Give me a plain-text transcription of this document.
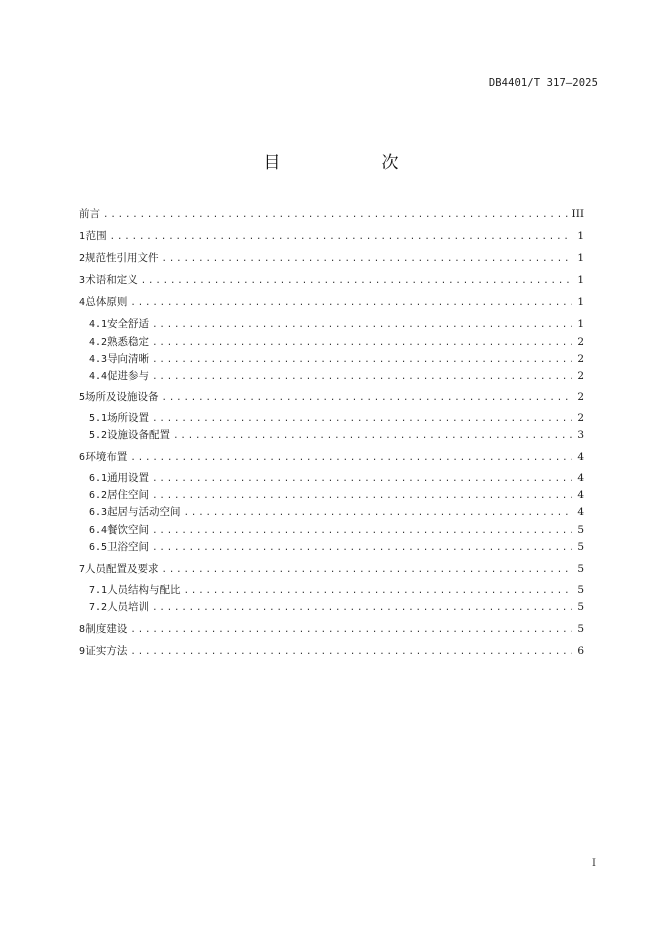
DB4401/T 317—2025
目　次
前言 .....	III
1 范围 .....	1
2 规范性引用文件 .....	1
3 术语和定义 .....	1
4 总体原则 .....	1
4.1 安全舒适 .....	1
4.2 熟悉稳定 .....	2
4.3 导向清晰 .....	2
4.4 促进参与 .....	2
5 场所及设施设备 .....	2
5.1 场所设置 .....	2
5.2 设施设备配置 .....	3
6 环境布置 .....	4
6.1 通用设置 .....	4
6.2 居住空间 .....	4
6.3 起居与活动空间 .....	4
6.4 餐饮空间 .....	5
6.5 卫浴空间 .....	5
7 人员配置及要求 .....	5
7.1 人员结构与配比 .....	5
7.2 人员培训 .....	5
8 制度建设 .....	5
9 证实方法 .....	6
I
